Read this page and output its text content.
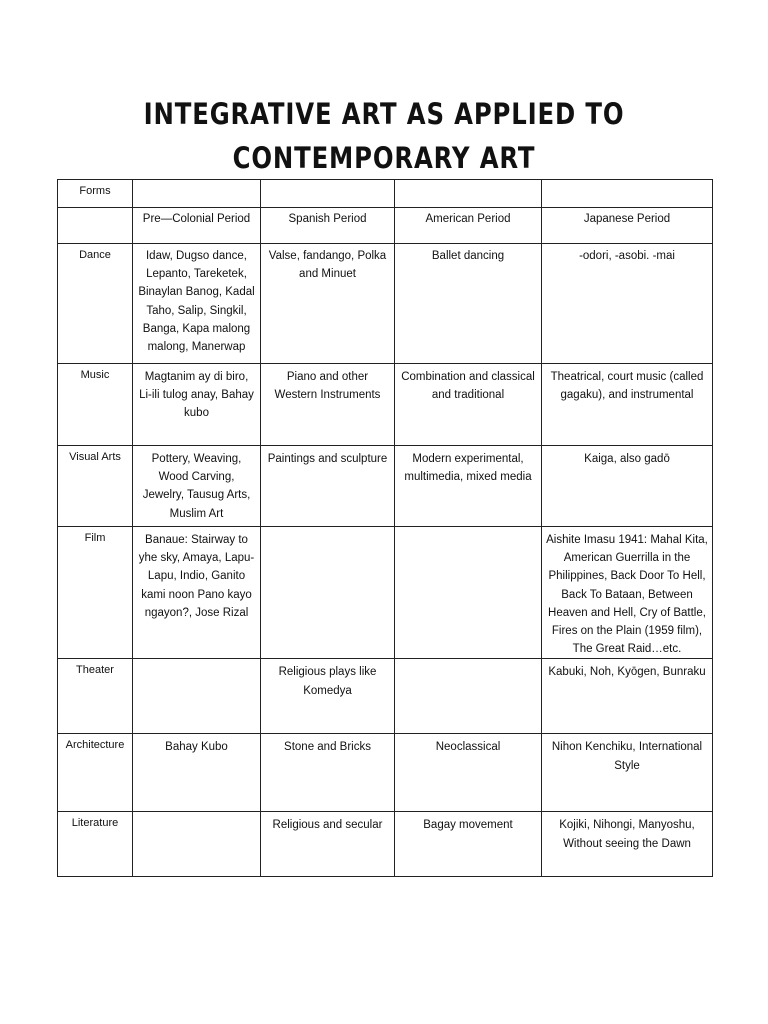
INTEGRATIVE ART AS APPLIED TO
CONTEMPORARY ART
Forms				
	Pre—Colonial Period	Spanish Period	American Period	Japanese Period
Dance	Idaw, Dugso dance, Lepanto, Tareketek, Binaylan Banog, Kadal Taho, Salip, Singkil, Banga, Kapa malong malong, Manerwap	Valse, fandango, Polka and Minuet	Ballet dancing	-odori, -asobi. -mai
Music	Magtanim ay di biro, Li-ili tulog anay, Bahay kubo	Piano and other Western Instruments	Combination and classical and traditional	Theatrical, court music (called gagaku), and instrumental
Visual Arts	Pottery, Weaving, Wood Carving, Jewelry, Tausug Arts, Muslim Art	Paintings and sculpture	Modern experimental, multimedia, mixed media	Kaiga, also gadō
Film	Banaue: Stairway to yhe sky, Amaya, Lapu-Lapu, Indio, Ganito kami noon Pano kayo ngayon?, Jose Rizal			Aishite Imasu 1941: Mahal Kita, American Guerrilla in the Philippines, Back Door To Hell, Back To Bataan, Between Heaven and Hell, Cry of Battle, Fires on the Plain (1959 film), The Great Raid…etc.
Theater		Religious plays like Komedya		Kabuki, Noh, Kyōgen, Bunraku
Architecture	Bahay Kubo	Stone and Bricks	Neoclassical	Nihon Kenchiku, International Style
Literature		Religious and secular	Bagay movement	Kojiki, Nihongi, Manyoshu, Without seeing the Dawn
